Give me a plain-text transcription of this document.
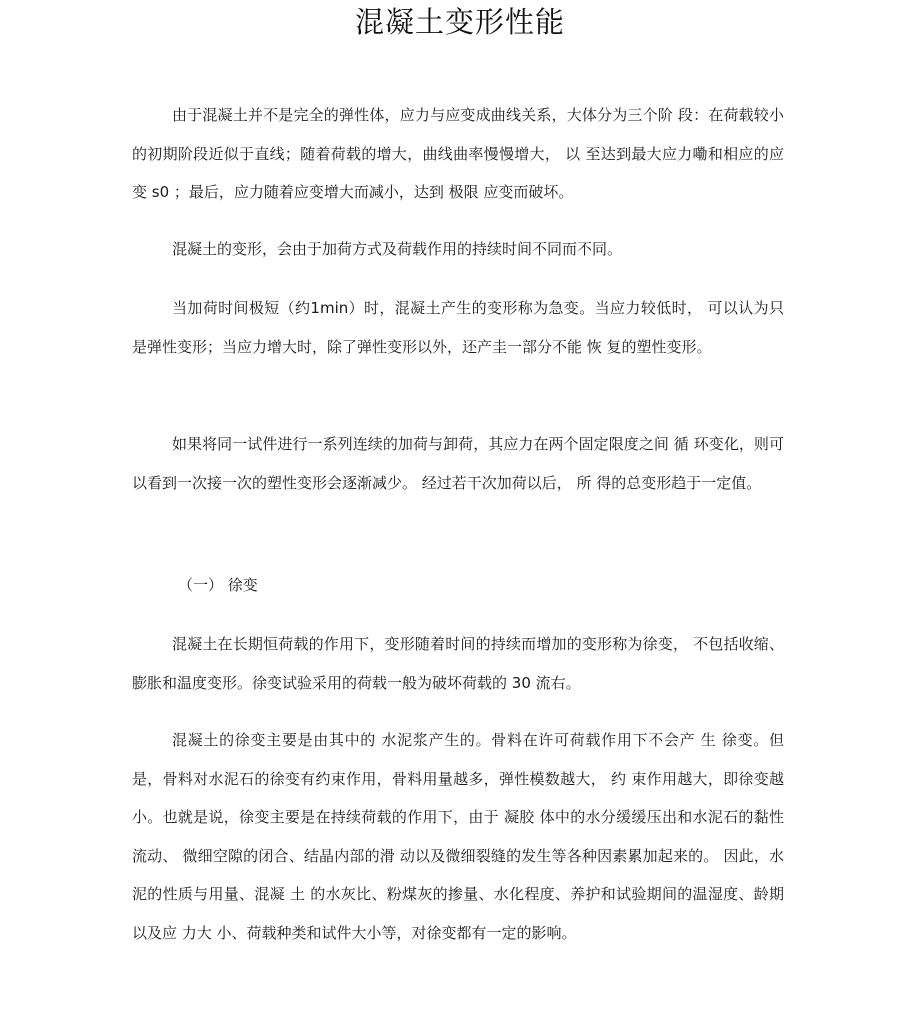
混凝土变形性能

由于混凝土并不是完全的弹性体，应力与应变成曲线关系，大体分为三个阶 段：在荷载较小的初期阶段近似于直线；随着荷载的增大，曲线曲率慢慢增大， 以 至达到最大应力嘞和相应的应变 s0 ；最后，应力随着应变增大而减小，达到 极限 应变而破坏。

混凝土的变形，会由于加荷方式及荷载作用的持续时间不同而不同。

当加荷时间极短（约1min）时，混凝土产生的变形称为急变。当应力较低时， 可以认为只是弹性变形；当应力增大时，除了弹性变形以外，还产圭一部分不能 恢 复的塑性变形。

如果将同一试件进行一系列连续的加荷与卸荷，其应力在两个固定限度之间 循 环变化，则可以看到一次接一次的塑性变形会逐渐减少。 经过若干次加荷以后， 所 得的总变形趋于一定值。

（一） 徐变

混凝土在长期恒荷载的作用下，变形随着时间的持续而增加的变形称为徐变， 不包括收缩、膨胀和温度变形。徐变试验采用的荷载一般为破坏荷载的 30 流右。

混凝土的徐变主要是由其中的 水泥浆产生的。骨料在许可荷载作用下不会产 生 徐变。但是，骨料对水泥石的徐变有约束作用，骨料用量越多，弹性模数越大， 约 束作用越大，即徐变越小。也就是说，徐变主要是在持续荷载的作用下，由于 凝胶 体中的水分缓缓压出和水泥石的黏性流动、 微细空隙的闭合、结晶内部的滑 动以及微细裂缝的发生等各种因素累加起来的。 因此，水泥的性质与用量、混凝 土 的水灰比、粉煤灰的掺量、水化程度、养护和试验期间的温湿度、龄期以及应 力大 小、荷载种类和试件大小等，对徐变都有一定的影响。
